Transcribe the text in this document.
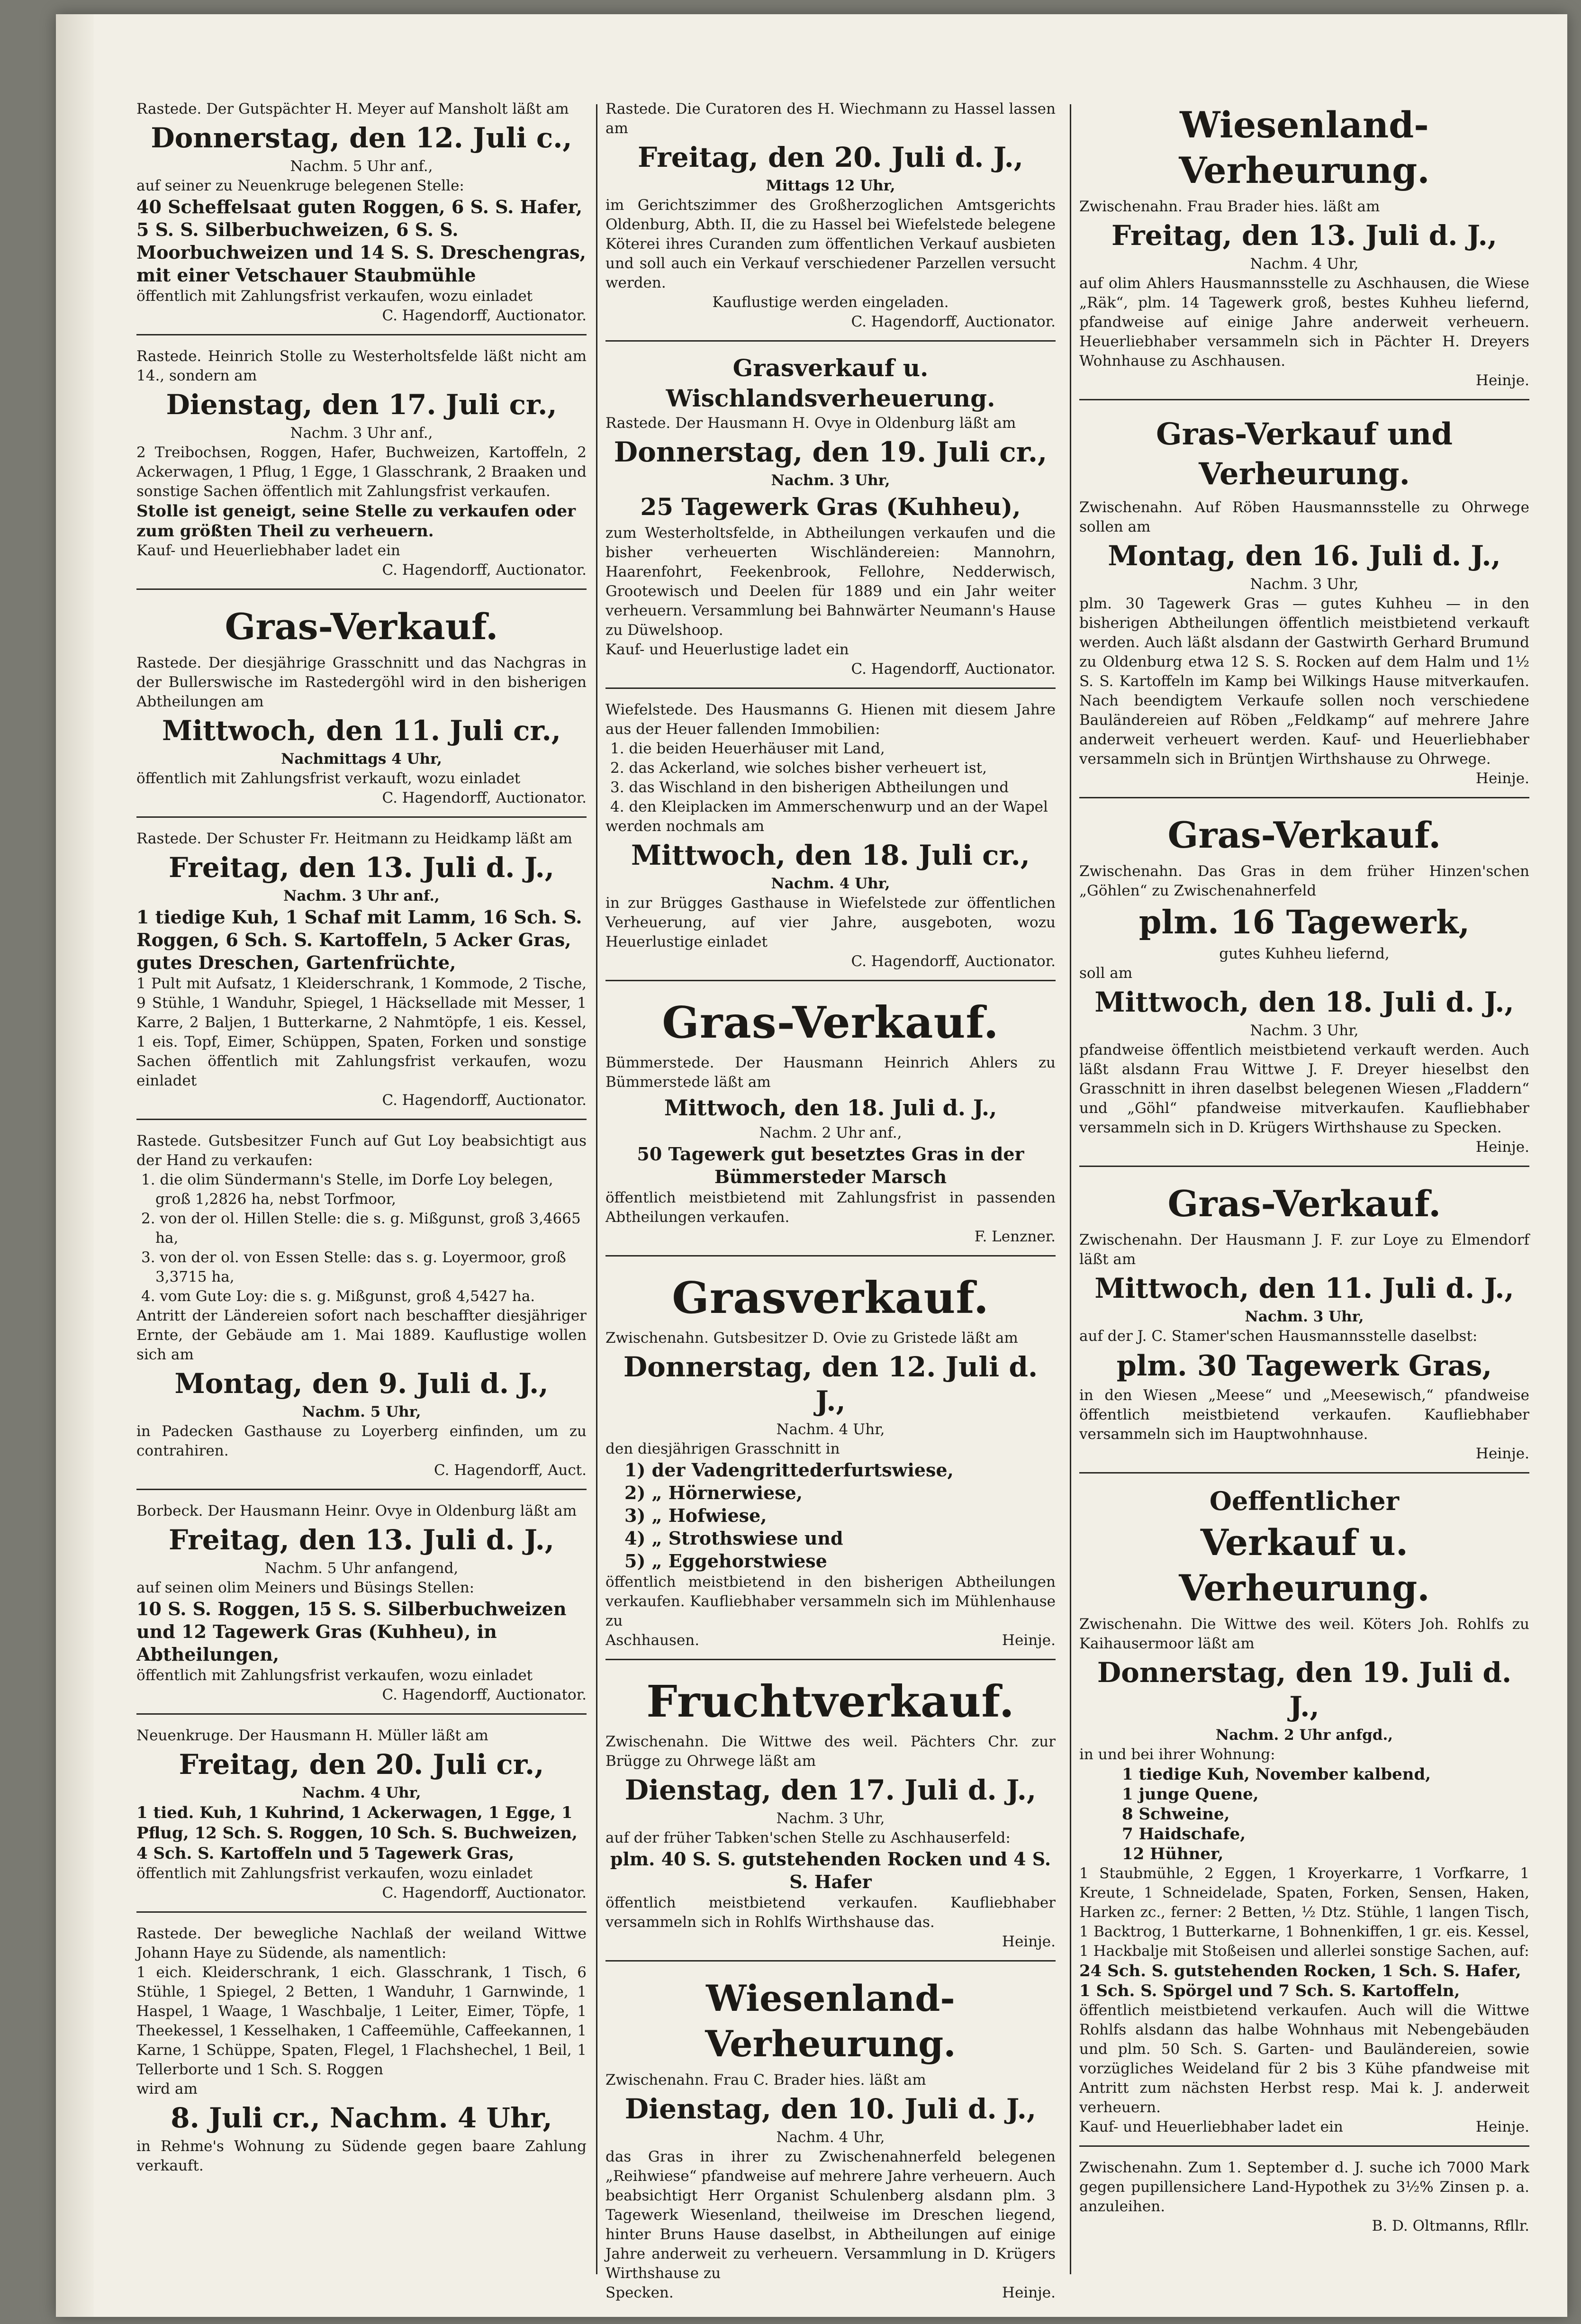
Rastede. Der Gutspächter H. Meyer auf Mansholt läßt am

Donnerstag, den 12. Juli c.,

Nachm. 5 Uhr anf.,

auf seiner zu Neuenkruge belegenen Stelle:

40 Scheffelsaat guten Roggen, 6 S. S. Hafer, 5 S. S. Silberbuchweizen, 6 S. S. Moorbuchweizen und 14 S. S. Dreschengras, mit einer Vetschauer Staubmühle

öffentlich mit Zahlungsfrist verkaufen, wozu einladet

C. Hagendorff, Auctionator.

Rastede. Heinrich Stolle zu Westerholtsfelde läßt nicht am 14., sondern am

Dienstag, den 17. Juli cr.,

Nachm. 3 Uhr anf.,

2 Treibochsen, Roggen, Hafer, Buchweizen, Kartoffeln, 2 Ackerwagen, 1 Pflug, 1 Egge, 1 Glasschrank, 2 Braaken und sonstige Sachen öffentlich mit Zahlungsfrist verkaufen.

Stolle ist geneigt, seine Stelle zu verkaufen oder zum größten Theil zu verheuern.

Kauf- und Heuerliebhaber ladet ein

C. Hagendorff, Auctionator.

Gras-Verkauf.

Rastede. Der diesjährige Grasschnitt und das Nachgras in der Bullerswische im Rastedergöhl wird in den bisherigen Abtheilungen am

Mittwoch, den 11. Juli cr.,

Nachmittags 4 Uhr,

öffentlich mit Zahlungsfrist verkauft, wozu einladet

C. Hagendorff, Auctionator.

Rastede. Der Schuster Fr. Heitmann zu Heidkamp läßt am

Freitag, den 13. Juli d. J.,

Nachm. 3 Uhr anf.,

1 tiedige Kuh, 1 Schaf mit Lamm, 16 Sch. S. Roggen, 6 Sch. S. Kartoffeln, 5 Acker Gras, gutes Dreschen, Gartenfrüchte,

1 Pult mit Aufsatz, 1 Kleiderschrank, 1 Kommode, 2 Tische, 9 Stühle, 1 Wanduhr, Spiegel, 1 Häcksellade mit Messer, 1 Karre, 2 Baljen, 1 Butterkarne, 2 Nahmtöpfe, 1 eis. Kessel, 1 eis. Topf, Eimer, Schüppen, Spaten, Forken und sonstige Sachen öffentlich mit Zahlungsfrist verkaufen, wozu einladet

C. Hagendorff, Auctionator.

Rastede. Gutsbesitzer Funch auf Gut Loy beabsichtigt aus der Hand zu verkaufen:

1. die olim Sündermann's Stelle, im Dorfe Loy belegen, groß 1,2826 ha, nebst Torfmoor,

2. von der ol. Hillen Stelle: die s. g. Mißgunst, groß 3,4665 ha,

3. von der ol. von Essen Stelle: das s. g. Loyermoor, groß 3,3715 ha,

4. vom Gute Loy: die s. g. Mißgunst, groß 4,5427 ha.

Antritt der Ländereien sofort nach beschaffter diesjähriger Ernte, der Gebäude am 1. Mai 1889. Kauflustige wollen sich am

Montag, den 9. Juli d. J.,

Nachm. 5 Uhr,

in Padecken Gasthause zu Loyerberg einfinden, um zu contrahiren.

C. Hagendorff, Auct.

Borbeck. Der Hausmann Heinr. Ovye in Oldenburg läßt am

Freitag, den 13. Juli d. J.,

Nachm. 5 Uhr anfangend,

auf seinen olim Meiners und Büsings Stellen:

10 S. S. Roggen, 15 S. S. Silberbuchweizen und 12 Tagewerk Gras (Kuhheu), in Abtheilungen,

öffentlich mit Zahlungsfrist verkaufen, wozu einladet

C. Hagendorff, Auctionator.

Neuenkruge. Der Hausmann H. Müller läßt am

Freitag, den 20. Juli cr.,

Nachm. 4 Uhr,

1 tied. Kuh, 1 Kuhrind, 1 Ackerwagen, 1 Egge, 1 Pflug, 12 Sch. S. Roggen, 10 Sch. S. Buchweizen, 4 Sch. S. Kartoffeln und 5 Tagewerk Gras,

öffentlich mit Zahlungsfrist verkaufen, wozu einladet

C. Hagendorff, Auctionator.

Rastede. Der bewegliche Nachlaß der weiland Wittwe Johann Haye zu Südende, als namentlich:

1 eich. Kleiderschrank, 1 eich. Glasschrank, 1 Tisch, 6 Stühle, 1 Spiegel, 2 Betten, 1 Wanduhr, 1 Garnwinde, 1 Haspel, 1 Waage, 1 Waschbalje, 1 Leiter, Eimer, Töpfe, 1 Theekessel, 1 Kesselhaken, 1 Caffeemühle, Caffeekannen, 1 Karne, 1 Schüppe, Spaten, Flegel, 1 Flachshechel, 1 Beil, 1 Tellerborte und 1 Sch. S. Roggen

wird am

8. Juli cr., Nachm. 4 Uhr,

in Rehme's Wohnung zu Südende gegen baare Zahlung verkauft.

Rastede. Die Curatoren des H. Wiechmann zu Hassel lassen am

Freitag, den 20. Juli d. J.,

Mittags 12 Uhr,

im Gerichtszimmer des Großherzoglichen Amtsgerichts Oldenburg, Abth. II, die zu Hassel bei Wiefelstede belegene Köterei ihres Curanden zum öffentlichen Verkauf ausbieten und soll auch ein Verkauf verschiedener Parzellen versucht werden.

Kauflustige werden eingeladen.

C. Hagendorff, Auctionator.

Grasverkauf u. Wischlandsverheuerung.

Rastede. Der Hausmann H. Ovye in Oldenburg läßt am

Donnerstag, den 19. Juli cr.,

Nachm. 3 Uhr,

25 Tagewerk Gras (Kuhheu),

zum Westerholtsfelde, in Abtheilungen verkaufen und die bisher verheuerten Wischländereien: Mannohrn, Haarenfohrt, Feekenbrook, Fellohre, Nedderwisch, Grootewisch und Deelen für 1889 und ein Jahr weiter verheuern. Versammlung bei Bahnwärter Neumann's Hause zu Düwelshoop.

Kauf- und Heuerlustige ladet ein

C. Hagendorff, Auctionator.

Wiefelstede. Des Hausmanns G. Hienen mit diesem Jahre aus der Heuer fallenden Immobilien:

1. die beiden Heuerhäuser mit Land,

2. das Ackerland, wie solches bisher verheuert ist,

3. das Wischland in den bisherigen Abtheilungen und

4. den Kleiplacken im Ammerschenwurp und an der Wapel

werden nochmals am

Mittwoch, den 18. Juli cr.,

Nachm. 4 Uhr,

in zur Brügges Gasthause in Wiefelstede zur öffentlichen Verheuerung, auf vier Jahre, ausgeboten, wozu Heuerlustige einladet

C. Hagendorff, Auctionator.

Gras-Verkauf.

Bümmerstede. Der Hausmann Heinrich Ahlers zu Bümmerstede läßt am

Mittwoch, den 18. Juli d. J.,

Nachm. 2 Uhr anf.,

50 Tagewerk gut besetztes Gras in der Bümmersteder Marsch

öffentlich meistbietend mit Zahlungsfrist in passenden Abtheilungen verkaufen.

F. Lenzner.

Grasverkauf.

Zwischenahn. Gutsbesitzer D. Ovie zu Gristede läßt am

Donnerstag, den 12. Juli d. J.,

Nachm. 4 Uhr,

den diesjährigen Grasschnitt in

1) der Vadengrittederfurtswiese,

2) „ Hörnerwiese,

3) „ Hofwiese,

4) „ Strothswiese und

5) „ Eggehorstwiese

öffentlich meistbietend in den bisherigen Abtheilungen verkaufen. Kaufliebhaber versammeln sich im Mühlenhause zu

Aschhausen.	Heinje.

Fruchtverkauf.

Zwischenahn. Die Wittwe des weil. Pächters Chr. zur Brügge zu Ohrwege läßt am

Dienstag, den 17. Juli d. J.,

Nachm. 3 Uhr,

auf der früher Tabken'schen Stelle zu Aschhauserfeld:

plm. 40 S. S. gutstehenden Rocken und 4 S. S. Hafer

öffentlich meistbietend verkaufen. Kaufliebhaber versammeln sich in Rohlfs Wirthshause das.

Heinje.

Wiesenland-Verheurung.

Zwischenahn. Frau C. Brader hies. läßt am

Dienstag, den 10. Juli d. J.,

Nachm. 4 Uhr,

das Gras in ihrer zu Zwischenahnerfeld belegenen „Reihwiese“ pfandweise auf mehrere Jahre verheuern. Auch beabsichtigt Herr Organist Schulenberg alsdann plm. 3 Tagewerk Wiesenland, theilweise im Dreschen liegend, hinter Bruns Hause daselbst, in Abtheilungen auf einige Jahre anderweit zu verheuern. Versammlung in D. Krügers Wirthshause zu

Specken.	Heinje.

Wiesenland-Verheurung.

Zwischenahn. Frau Brader hies. läßt am

Freitag, den 13. Juli d. J.,

Nachm. 4 Uhr,

auf olim Ahlers Hausmannsstelle zu Aschhausen, die Wiese „Räk“, plm. 14 Tagewerk groß, bestes Kuhheu liefernd, pfandweise auf einige Jahre anderweit verheuern. Heuerliebhaber versammeln sich in Pächter H. Dreyers Wohnhause zu Aschhausen.

Heinje.

Gras-Verkauf und Verheurung.

Zwischenahn. Auf Röben Hausmannsstelle zu Ohrwege sollen am

Montag, den 16. Juli d. J.,

Nachm. 3 Uhr,

plm. 30 Tagewerk Gras — gutes Kuhheu — in den bisherigen Abtheilungen öffentlich meistbietend verkauft werden. Auch läßt alsdann der Gastwirth Gerhard Brumund zu Oldenburg etwa 12 S. S. Rocken auf dem Halm und 1½ S. S. Kartoffeln im Kamp bei Wilkings Hause mitverkaufen. Nach beendigtem Verkaufe sollen noch verschiedene Bauländereien auf Röben „Feldkamp“ auf mehrere Jahre anderweit verheuert werden. Kauf- und Heuerliebhaber versammeln sich in Brüntjen Wirthshause zu Ohrwege.

Heinje.

Gras-Verkauf.

Zwischenahn. Das Gras in dem früher Hinzen'schen „Göhlen“ zu Zwischenahnerfeld

plm. 16 Tagewerk,

gutes Kuhheu liefernd,

soll am

Mittwoch, den 18. Juli d. J.,

Nachm. 3 Uhr,

pfandweise öffentlich meistbietend verkauft werden. Auch läßt alsdann Frau Wittwe J. F. Dreyer hieselbst den Grasschnitt in ihren daselbst belegenen Wiesen „Fladdern“ und „Göhl“ pfandweise mitverkaufen. Kaufliebhaber versammeln sich in D. Krügers Wirthshause zu Specken.

Heinje.

Gras-Verkauf.

Zwischenahn. Der Hausmann J. F. zur Loye zu Elmendorf läßt am

Mittwoch, den 11. Juli d. J.,

Nachm. 3 Uhr,

auf der J. C. Stamer'schen Hausmannsstelle daselbst:

plm. 30 Tagewerk Gras,

in den Wiesen „Meese“ und „Meesewisch,“ pfandweise öffentlich meistbietend verkaufen. Kaufliebhaber versammeln sich im Hauptwohnhause.

Heinje.

Oeffentlicher

Verkauf u. Verheurung.

Zwischenahn. Die Wittwe des weil. Köters Joh. Rohlfs zu Kaihausermoor läßt am

Donnerstag, den 19. Juli d. J.,

Nachm. 2 Uhr anfgd.,

in und bei ihrer Wohnung:

1 tiedige Kuh, November kalbend,

1 junge Quene,

8 Schweine,

7 Haidschafe,

12 Hühner,

1 Staubmühle, 2 Eggen, 1 Kroyerkarre, 1 Vorfkarre, 1 Kreute, 1 Schneidelade, Spaten, Forken, Sensen, Haken, Harken zc., ferner: 2 Betten, ½ Dtz. Stühle, 1 langen Tisch, 1 Backtrog, 1 Butterkarne, 1 Bohnenkiffen, 1 gr. eis. Kessel, 1 Hackbalje mit Stoßeisen und allerlei sonstige Sachen, auf:

24 Sch. S. gutstehenden Rocken, 1 Sch. S. Hafer, 1 Sch. S. Spörgel und 7 Sch. S. Kartoffeln,

öffentlich meistbietend verkaufen. Auch will die Wittwe Rohlfs alsdann das halbe Wohnhaus mit Nebengebäuden und plm. 50 Sch. S. Garten- und Bauländereien, sowie vorzügliches Weideland für 2 bis 3 Kühe pfandweise mit Antritt zum nächsten Herbst resp. Mai k. J. anderweit verheuern.

Kauf- und Heuerliebhaber ladet ein	Heinje.

Zwischenahn. Zum 1. September d. J. suche ich 7000 Mark gegen pupillensichere Land-Hypothek zu 3½% Zinsen p. a. anzuleihen.

B. D. Oltmanns, Rfllr.
